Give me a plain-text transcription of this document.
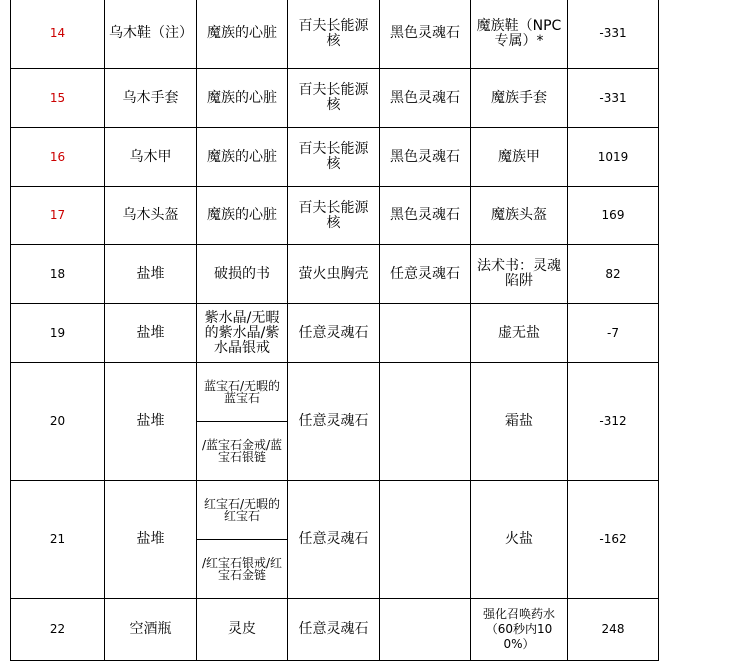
14	乌木鞋（注）	魔族的心脏	百夫长能源核	黑色灵魂石	魔族鞋（NPC专属）*	-331
15	乌木手套	魔族的心脏	百夫长能源核	黑色灵魂石	魔族手套	-331
16	乌木甲	魔族的心脏	百夫长能源核	黑色灵魂石	魔族甲	1019
17	乌木头盔	魔族的心脏	百夫长能源核	黑色灵魂石	魔族头盔	169
18	盐堆	破损的书	萤火虫胸壳	任意灵魂石	法术书：灵魂陷阱	82
19	盐堆	紫水晶/无暇的紫水晶/紫水晶银戒	任意灵魂石		虚无盐	-7
20	盐堆	蓝宝石/无暇的蓝宝石	任意灵魂石		霜盐	-312
		/蓝宝石金戒/蓝宝石银链				
21	盐堆	红宝石/无暇的红宝石	任意灵魂石		火盐	-162
		/红宝石银戒/红宝石金链				
22	空酒瓶	灵皮	任意灵魂石		强化召唤药水（60秒内100%）	248
